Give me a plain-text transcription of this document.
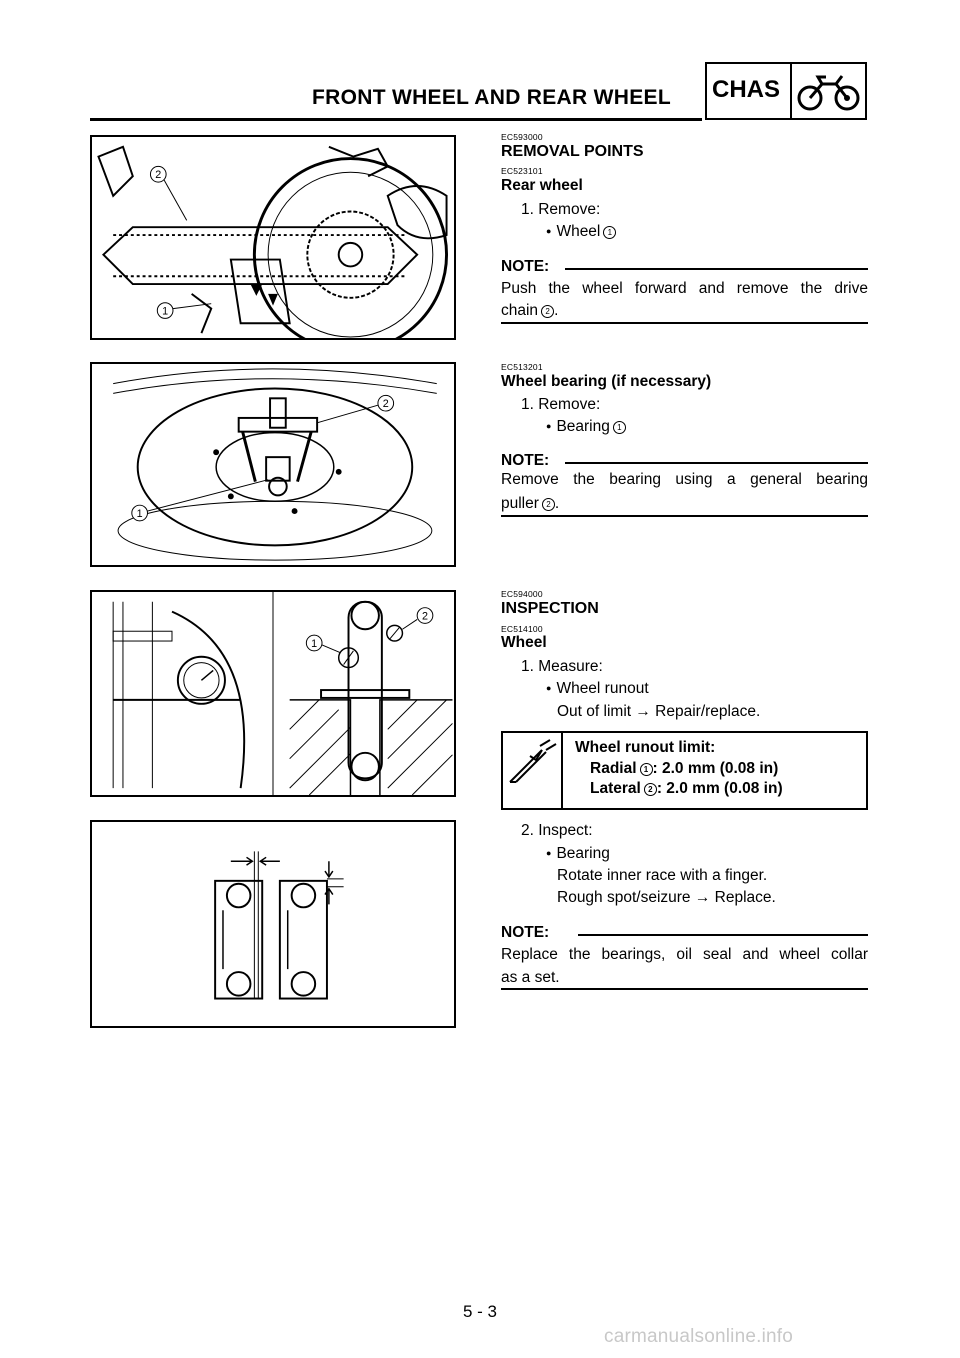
FRONT WHEEL AND REAR WHEEL CHAS
2
1
2
1
1
2
EC593000
REMOVAL POINTS
EC523101
Rear wheel
1. Remove:
● Wheel 1
NOTE:
Push the wheel forward and remove the drive
chain 2 .
EC513201
Wheel bearing (if necessary)
1. Remove:
● Bearing 1
NOTE:
Remove the bearing using a general bearing
puller 2 .
EC594000
INSPECTION
EC514100
Wheel
1. Measure:
● Wheel runout
Out of limit → Repair/replace.
Wheel runout limit:
Radial 1 : 2.0 mm (0.08 in)
Lateral 2 : 2.0 mm (0.08 in)
2. Inspect:
● Bearing
Rotate inner race with a finger.
Rough spot/seizure → Replace.
NOTE:
Replace the bearings, oil seal and wheel collar
as a set.
5 - 3
carmanualsonline.info
